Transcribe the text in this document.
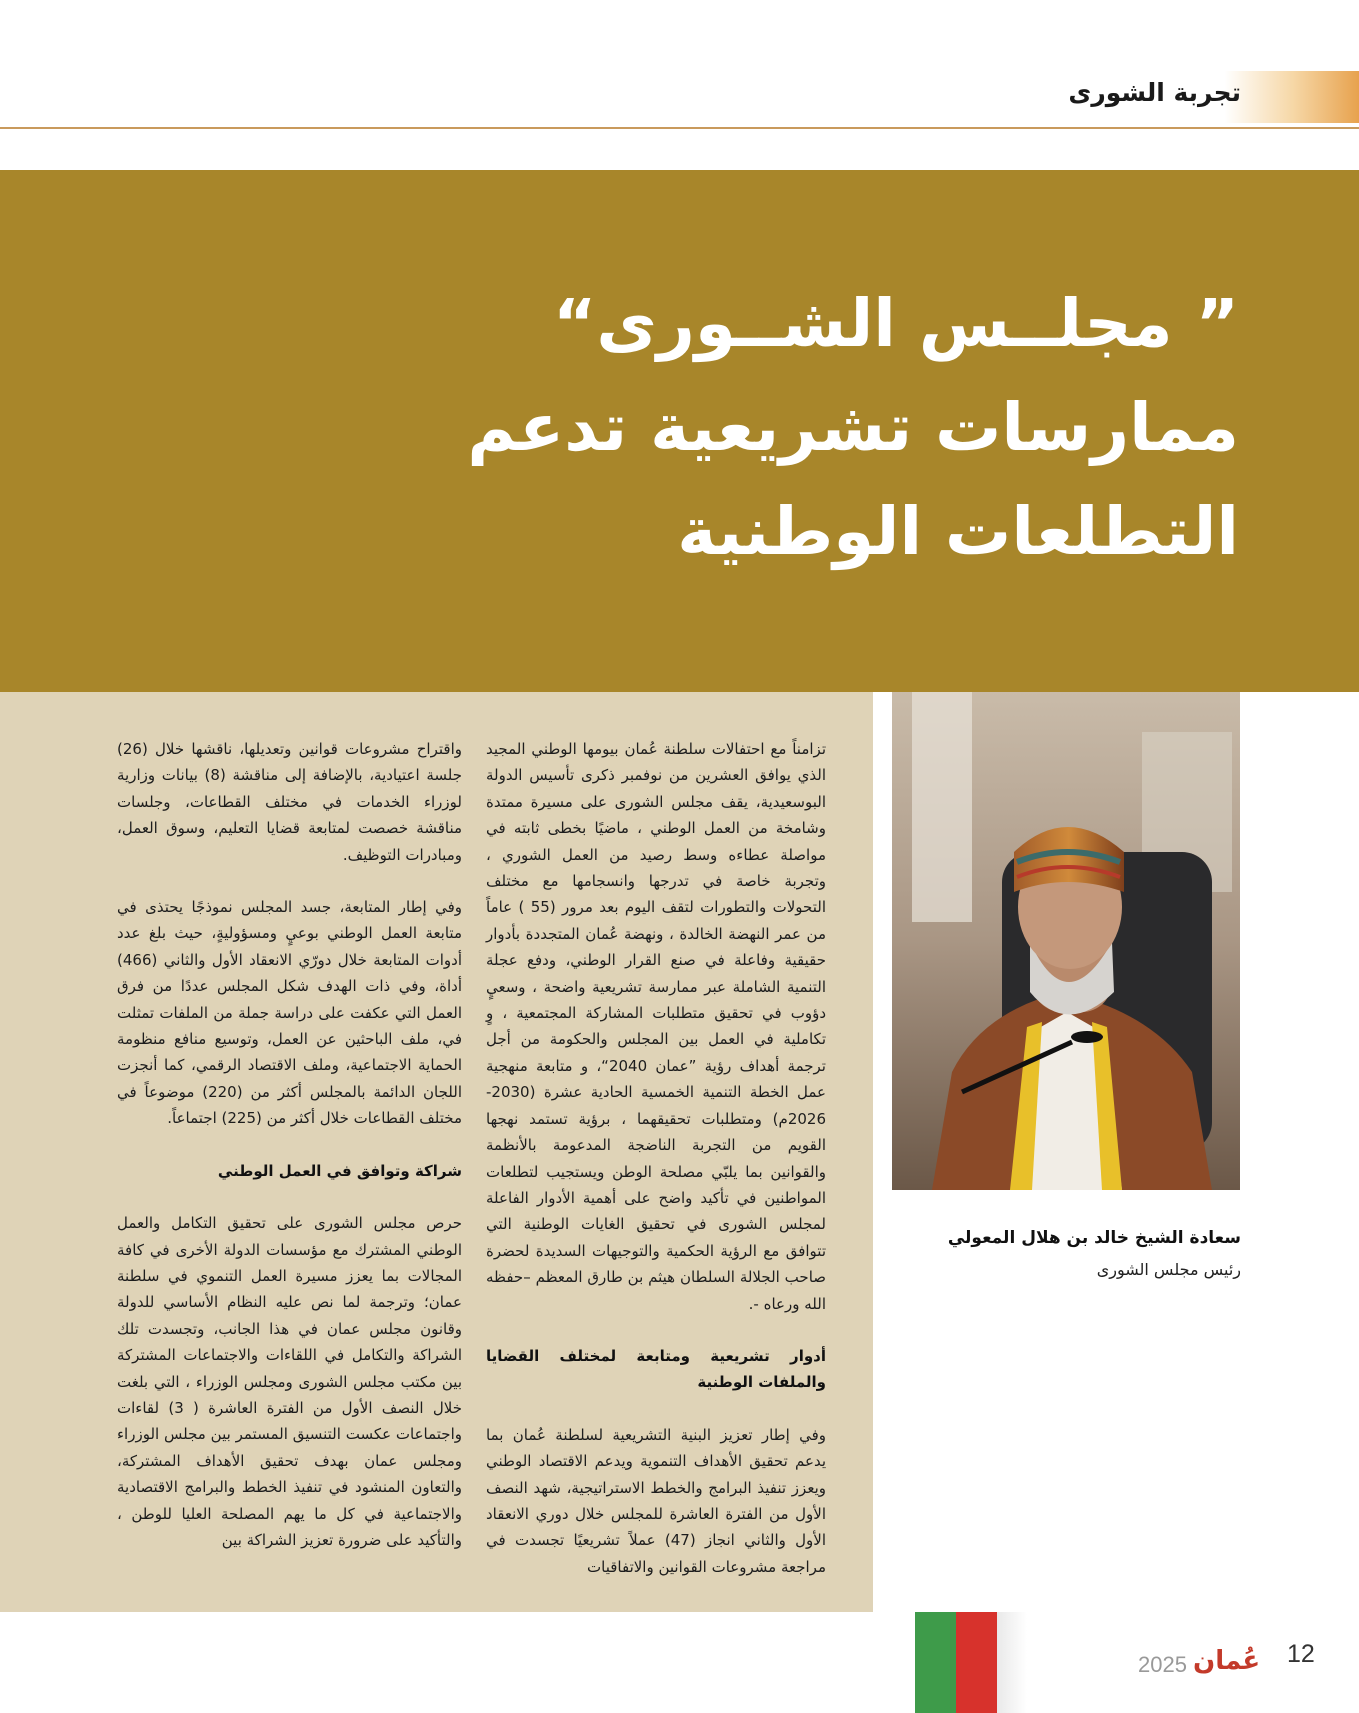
تجربة الشورى
” مجلــس الشــورى“
ممارسات تشريعية تدعم
التطلعات الوطنية
سعادة الشيخ خالد بن هلال المعولي
رئيس مجلس الشورى

تزامناً مع احتفالات سلطنة عُمان بيومها الوطني المجيد الذي يوافق العشرين من نوفمبر ذكرى تأسيس الدولة البوسعيدية، يقف مجلس الشورى على مسيرة ممتدة وشامخة من العمل الوطني ، ماضيًا بخطى ثابته في مواصلة عطاءه وسط رصيد من العمل الشوري ، وتجربة خاصة في تدرجها وانسجامها مع مختلف التحولات والتطورات لتقف اليوم بعد مرور (55 ) عاماً من عمر النهضة الخالدة ، ونهضة عُمان المتجددة بأدوار حقيقية وفاعلة في صنع القرار الوطني، ودفع عجلة التنمية الشاملة عبر ممارسة تشريعية واضحة ، وسعيٍ دؤوب في تحقيق متطلبات المشاركة المجتمعية ، وٍ تكاملية في العمل بين المجلس والحكومة من أجل ترجمة أهداف رؤية ”عمان 2040“، و متابعة منهجية عمل الخطة التنمية الخمسية الحادية عشرة (2030-2026م) ومتطلبات تحقيقهما ، برؤية تستمد نهجها القويم من التجربة الناضجة المدعومة بالأنظمة والقوانين بما يلبّي مصلحة الوطن ويستجيب لتطلعات المواطنين في تأكيد واضح على أهمية الأدوار الفاعلة لمجلس الشورى في تحقيق الغايات الوطنية التي تتوافق مع الرؤية الحكمية والتوجيهات السديدة لحضرة صاحب الجلالة السلطان هيثم بن طارق المعظم –حفظه الله ورعاه -.

أدوار تشريعية ومتابعة لمختلف القضايا والملفات الوطنية

وفي إطار تعزيز البنية التشريعية لسلطنة عُمان بما يدعم تحقيق الأهداف التنموية ويدعم الاقتصاد الوطني ويعزز تنفيذ البرامج والخطط الاستراتيجية، شهد النصف الأول من الفترة العاشرة للمجلس خلال دوري الانعقاد الأول والثاني انجاز (47) عملاً تشريعيًا تجسدت في مراجعة مشروعات القوانين والاتفاقيات

واقتراح مشروعات قوانين وتعديلها، ناقشها خلال (26) جلسة اعتيادية، بالإضافة إلى مناقشة (8) بيانات وزارية لوزراء الخدمات في مختلف القطاعات، وجلسات مناقشة خصصت لمتابعة قضايا التعليم، وسوق العمل، ومبادرات التوظيف.

وفي إطار المتابعة، جسد المجلس نموذجًا يحتذى في متابعة العمل الوطني بوعيٍ ومسؤوليةٍ، حيث بلغ عدد أدوات المتابعة خلال دورّي الانعقاد الأول والثاني (466) أداة، وفي ذات الهدف شكل المجلس عددًا من فرق العمل التي عكفت على دراسة جملة من الملفات تمثلت في، ملف الباحثين عن العمل، وتوسيع منافع منظومة الحماية الاجتماعية، وملف الاقتصاد الرقمي، كما أنجزت اللجان الدائمة بالمجلس أكثر من (220) موضوعاً في مختلف القطاعات خلال أكثر من (225) اجتماعاً.

شراكة وتوافق في العمل الوطني

حرص مجلس الشورى على تحقيق التكامل والعمل الوطني المشترك مع مؤسسات الدولة الأخرى في كافة المجالات بما يعزز مسيرة العمل التنموي في سلطنة عمان؛ وترجمة لما نص عليه النظام الأساسي للدولة وقانون مجلس عمان في هذا الجانب، وتجسدت تلك الشراكة والتكامل في اللقاءات والاجتماعات المشتركة بين مكتب مجلس الشورى ومجلس الوزراء ، التي بلغت خلال النصف الأول من الفترة العاشرة ( 3) لقاءات واجتماعات عكست التنسيق المستمر بين مجلس الوزراء ومجلس عمان بهدف تحقيق الأهداف المشتركة، والتعاون المنشود في تنفيذ الخطط والبرامج الاقتصادية والاجتماعية في كل ما يهم المصلحة العليا للوطن ، والتأكيد على ضرورة تعزيز الشراكة بين

2025 عُمان 12
